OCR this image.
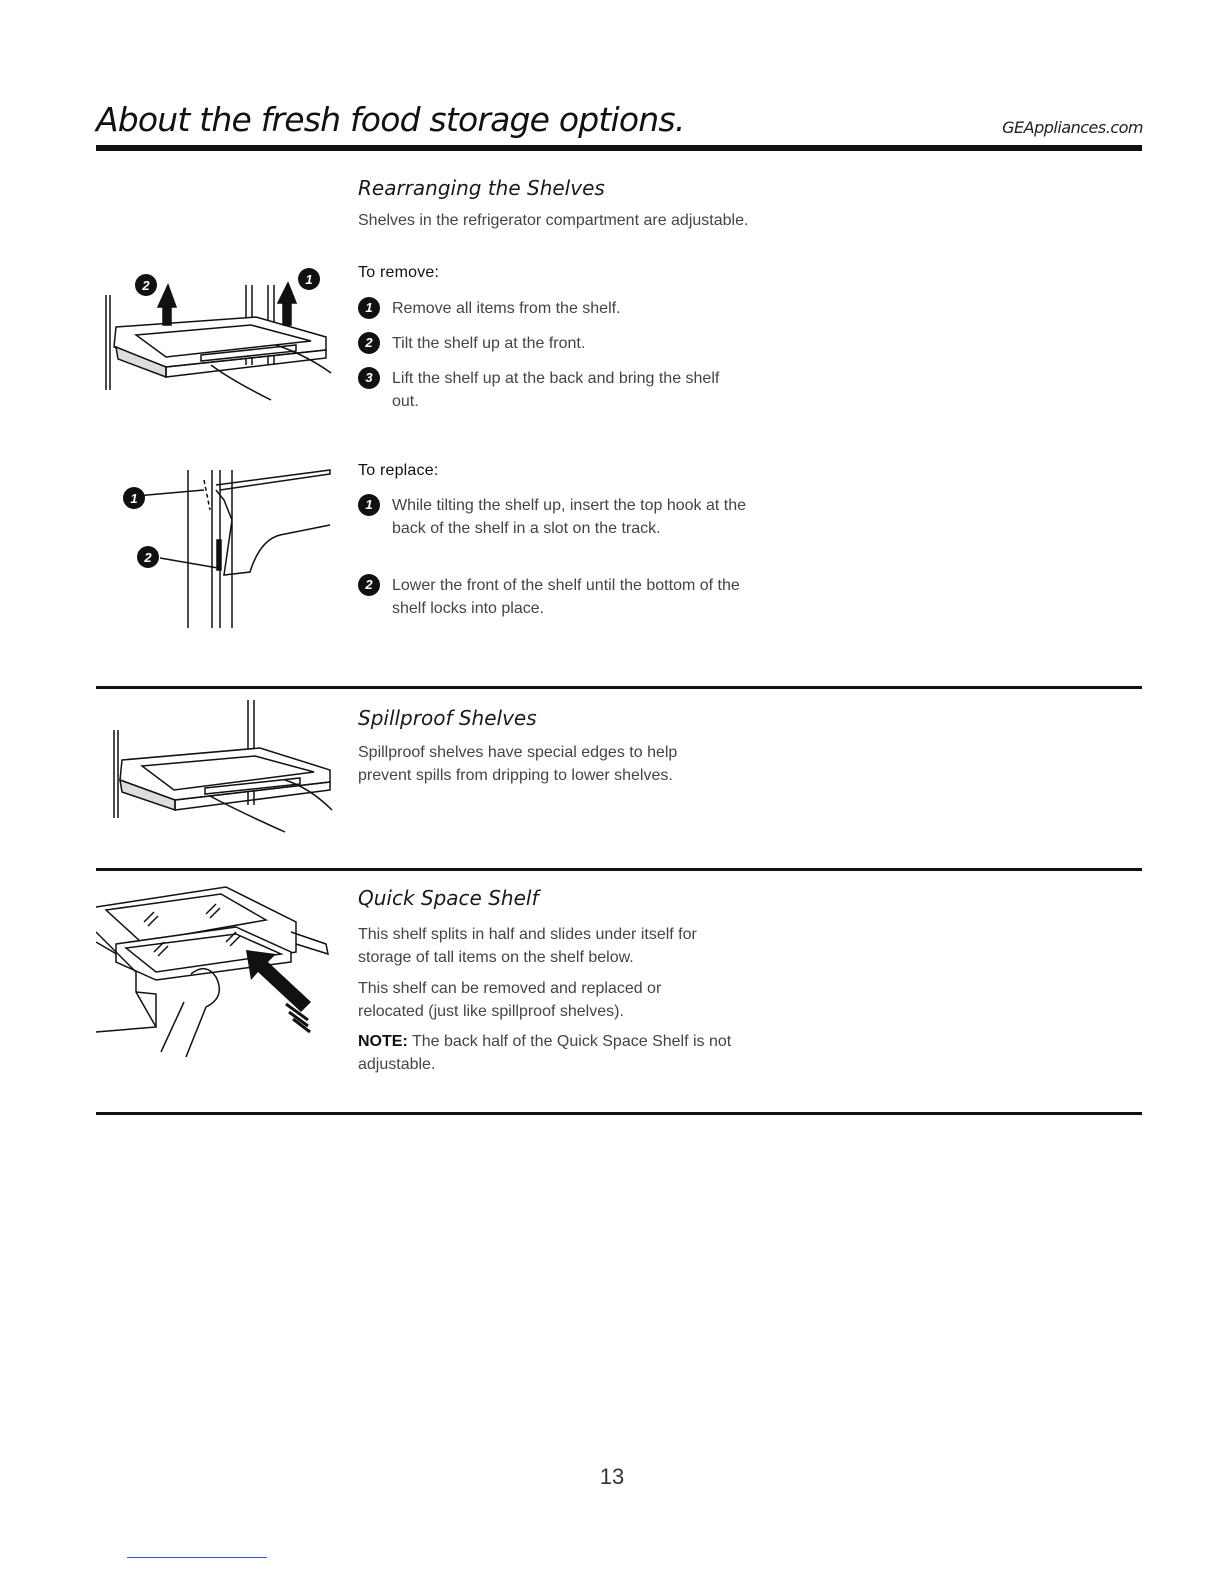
About the fresh food storage options.	GEAppliances.com
Rearranging the Shelves
Shelves in the refrigerator compartment are adjustable.
To remove:
1	Remove all items from the shelf.
2	Tilt the shelf up at the front.
3	Lift the shelf up at the back and bring the shelf out.
To replace:
1	While tilting the shelf up, insert the top hook at the back of the shelf in a slot on the track.
2	Lower the front of the shelf until the bottom of the shelf locks into place.
2	1
1
2
Spillproof Shelves
Spillproof shelves have special edges to help prevent spills from dripping to lower shelves.
Quick Space Shelf
This shelf splits in half and slides under itself for storage of tall items on the shelf below.
This shelf can be removed and replaced or relocated (just like spillproof shelves).
NOTE: The back half of the Quick Space Shelf is not adjustable.
13
